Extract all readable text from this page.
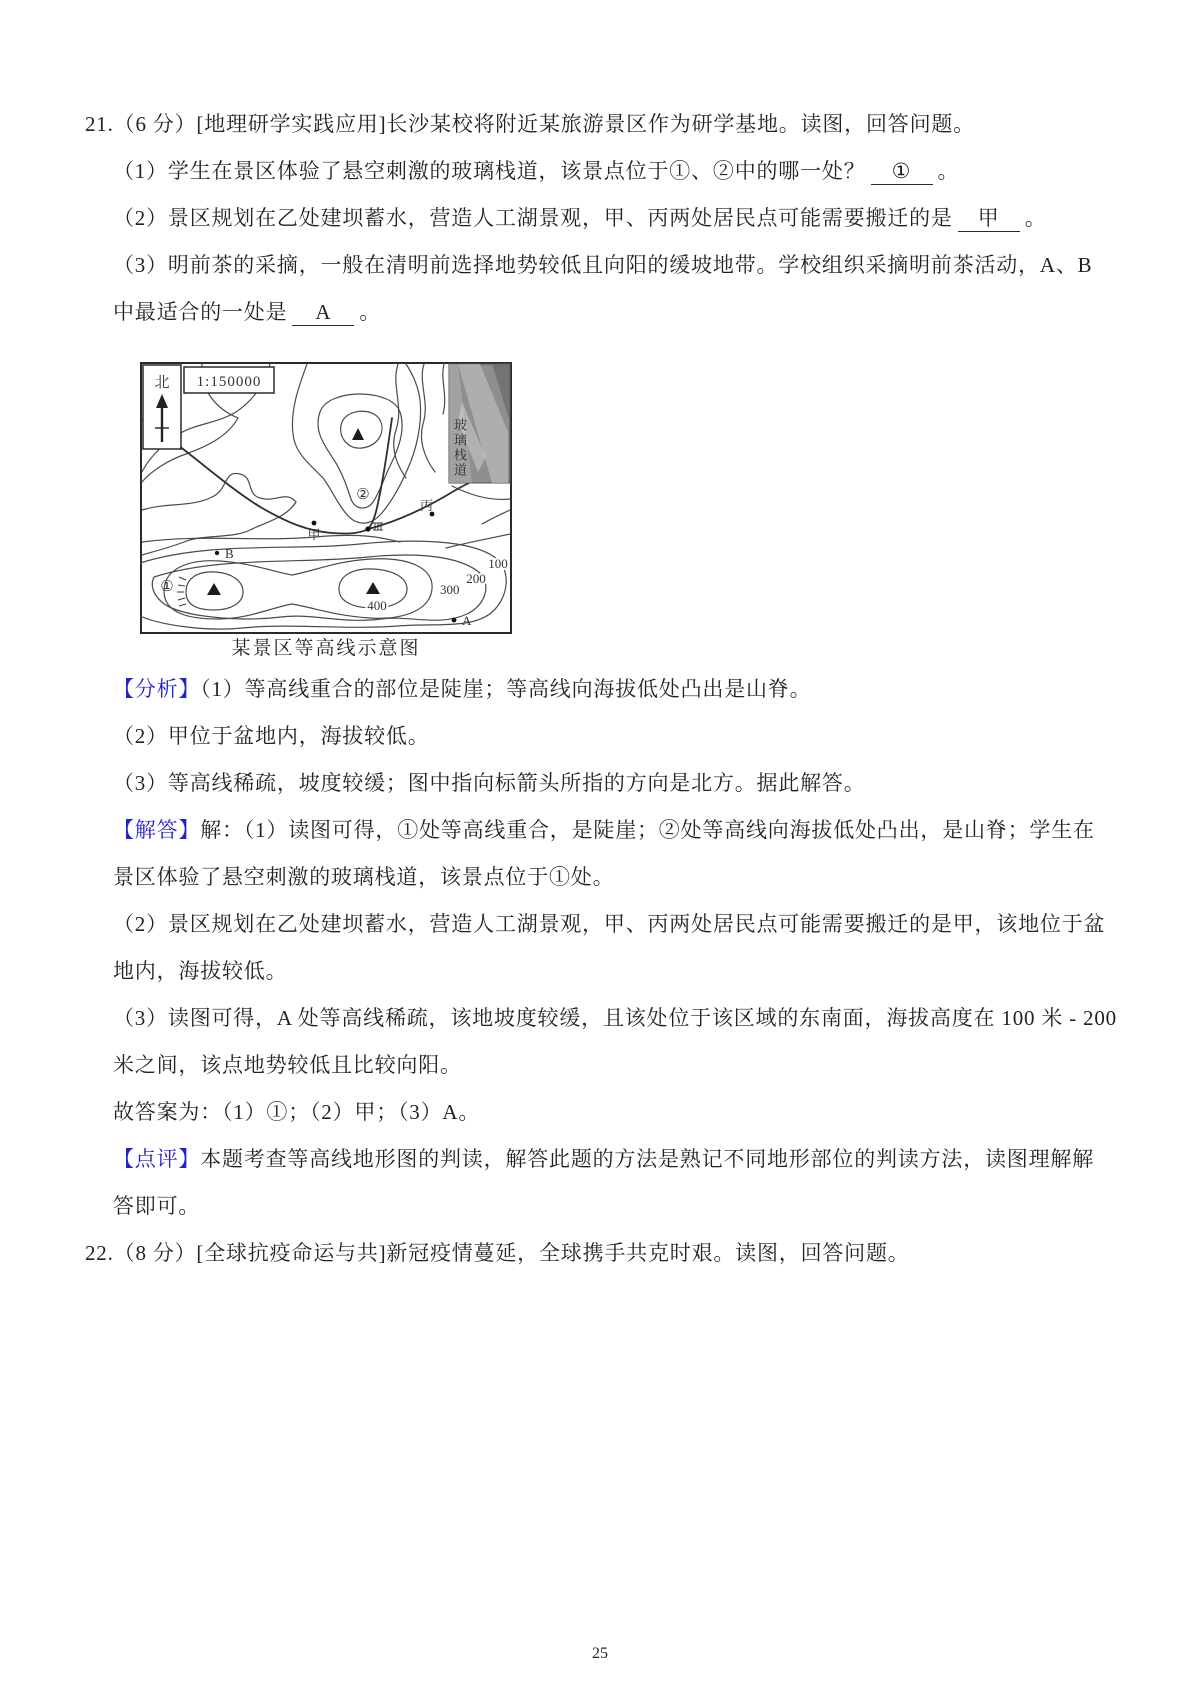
21.（6 分）[地理研学实践应用]长沙某校将附近某旅游景区作为研学基地。读图，回答问题。
（1）学生在景区体验了悬空刺激的玻璃栈道，该景点位于①、②中的哪一处？ ① 。
（2）景区规划在乙处建坝蓄水，营造人工湖景观，甲、丙两处居民点可能需要搬迁的是 甲 。
（3）明前茶的采摘，一般在清明前选择地势较低且向阳的缓坡地带。学校组织采摘明前茶活动，A、B
中最适合的一处是 A 。
北 1:150000
②
丙
甲
B
①
400
300
200
100
A
玻璃栈道
某景区等高线示意图
【分析】（1）等高线重合的部位是陡崖；等高线向海拔低处凸出是山脊。
（2）甲位于盆地内，海拔较低。
（3）等高线稀疏，坡度较缓；图中指向标箭头所指的方向是北方。据此解答。
【解答】解：（1）读图可得，①处等高线重合，是陡崖；②处等高线向海拔低处凸出，是山脊；学生在
景区体验了悬空刺激的玻璃栈道，该景点位于①处。
（2）景区规划在乙处建坝蓄水，营造人工湖景观，甲、丙两处居民点可能需要搬迁的是甲，该地位于盆
地内，海拔较低。
（3）读图可得，A 处等高线稀疏，该地坡度较缓，且该处位于该区域的东南面，海拔高度在 100 米 - 200
米之间，该点地势较低且比较向阳。
故答案为：（1）①；（2）甲；（3）A。
【点评】本题考查等高线地形图的判读，解答此题的方法是熟记不同地形部位的判读方法，读图理解解
答即可。
22.（8 分）[全球抗疫命运与共]新冠疫情蔓延，全球携手共克时艰。读图，回答问题。
25
